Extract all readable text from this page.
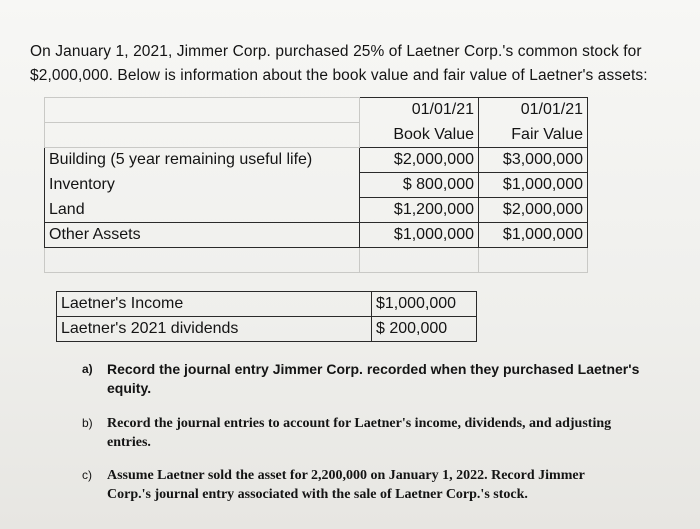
On January 1, 2021, Jimmer Corp. purchased 25% of Laetner Corp.'s common stock for
$2,000,000. Below is information about the book value and fair value of Laetner's assets:
	01/01/21	01/01/21
	Book Value	Fair Value
Building (5 year remaining useful life)	$2,000,000	$3,000,000
Inventory	$ 800,000	$1,000,000
Land	$1,200,000	$2,000,000
Other Assets	$1,000,000	$1,000,000

Laetner's Income	$1,000,000
Laetner's 2021 dividends	$ 200,000
a)	Record the journal entry Jimmer Corp. recorded when they purchased Laetner's
equity.
b)	Record the journal entries to account for Laetner's income, dividends, and adjusting
entries.
c)	Assume Laetner sold the asset for 2,200,000 on January 1, 2022. Record Jimmer
Corp.'s journal entry associated with the sale of Laetner Corp.'s stock.
